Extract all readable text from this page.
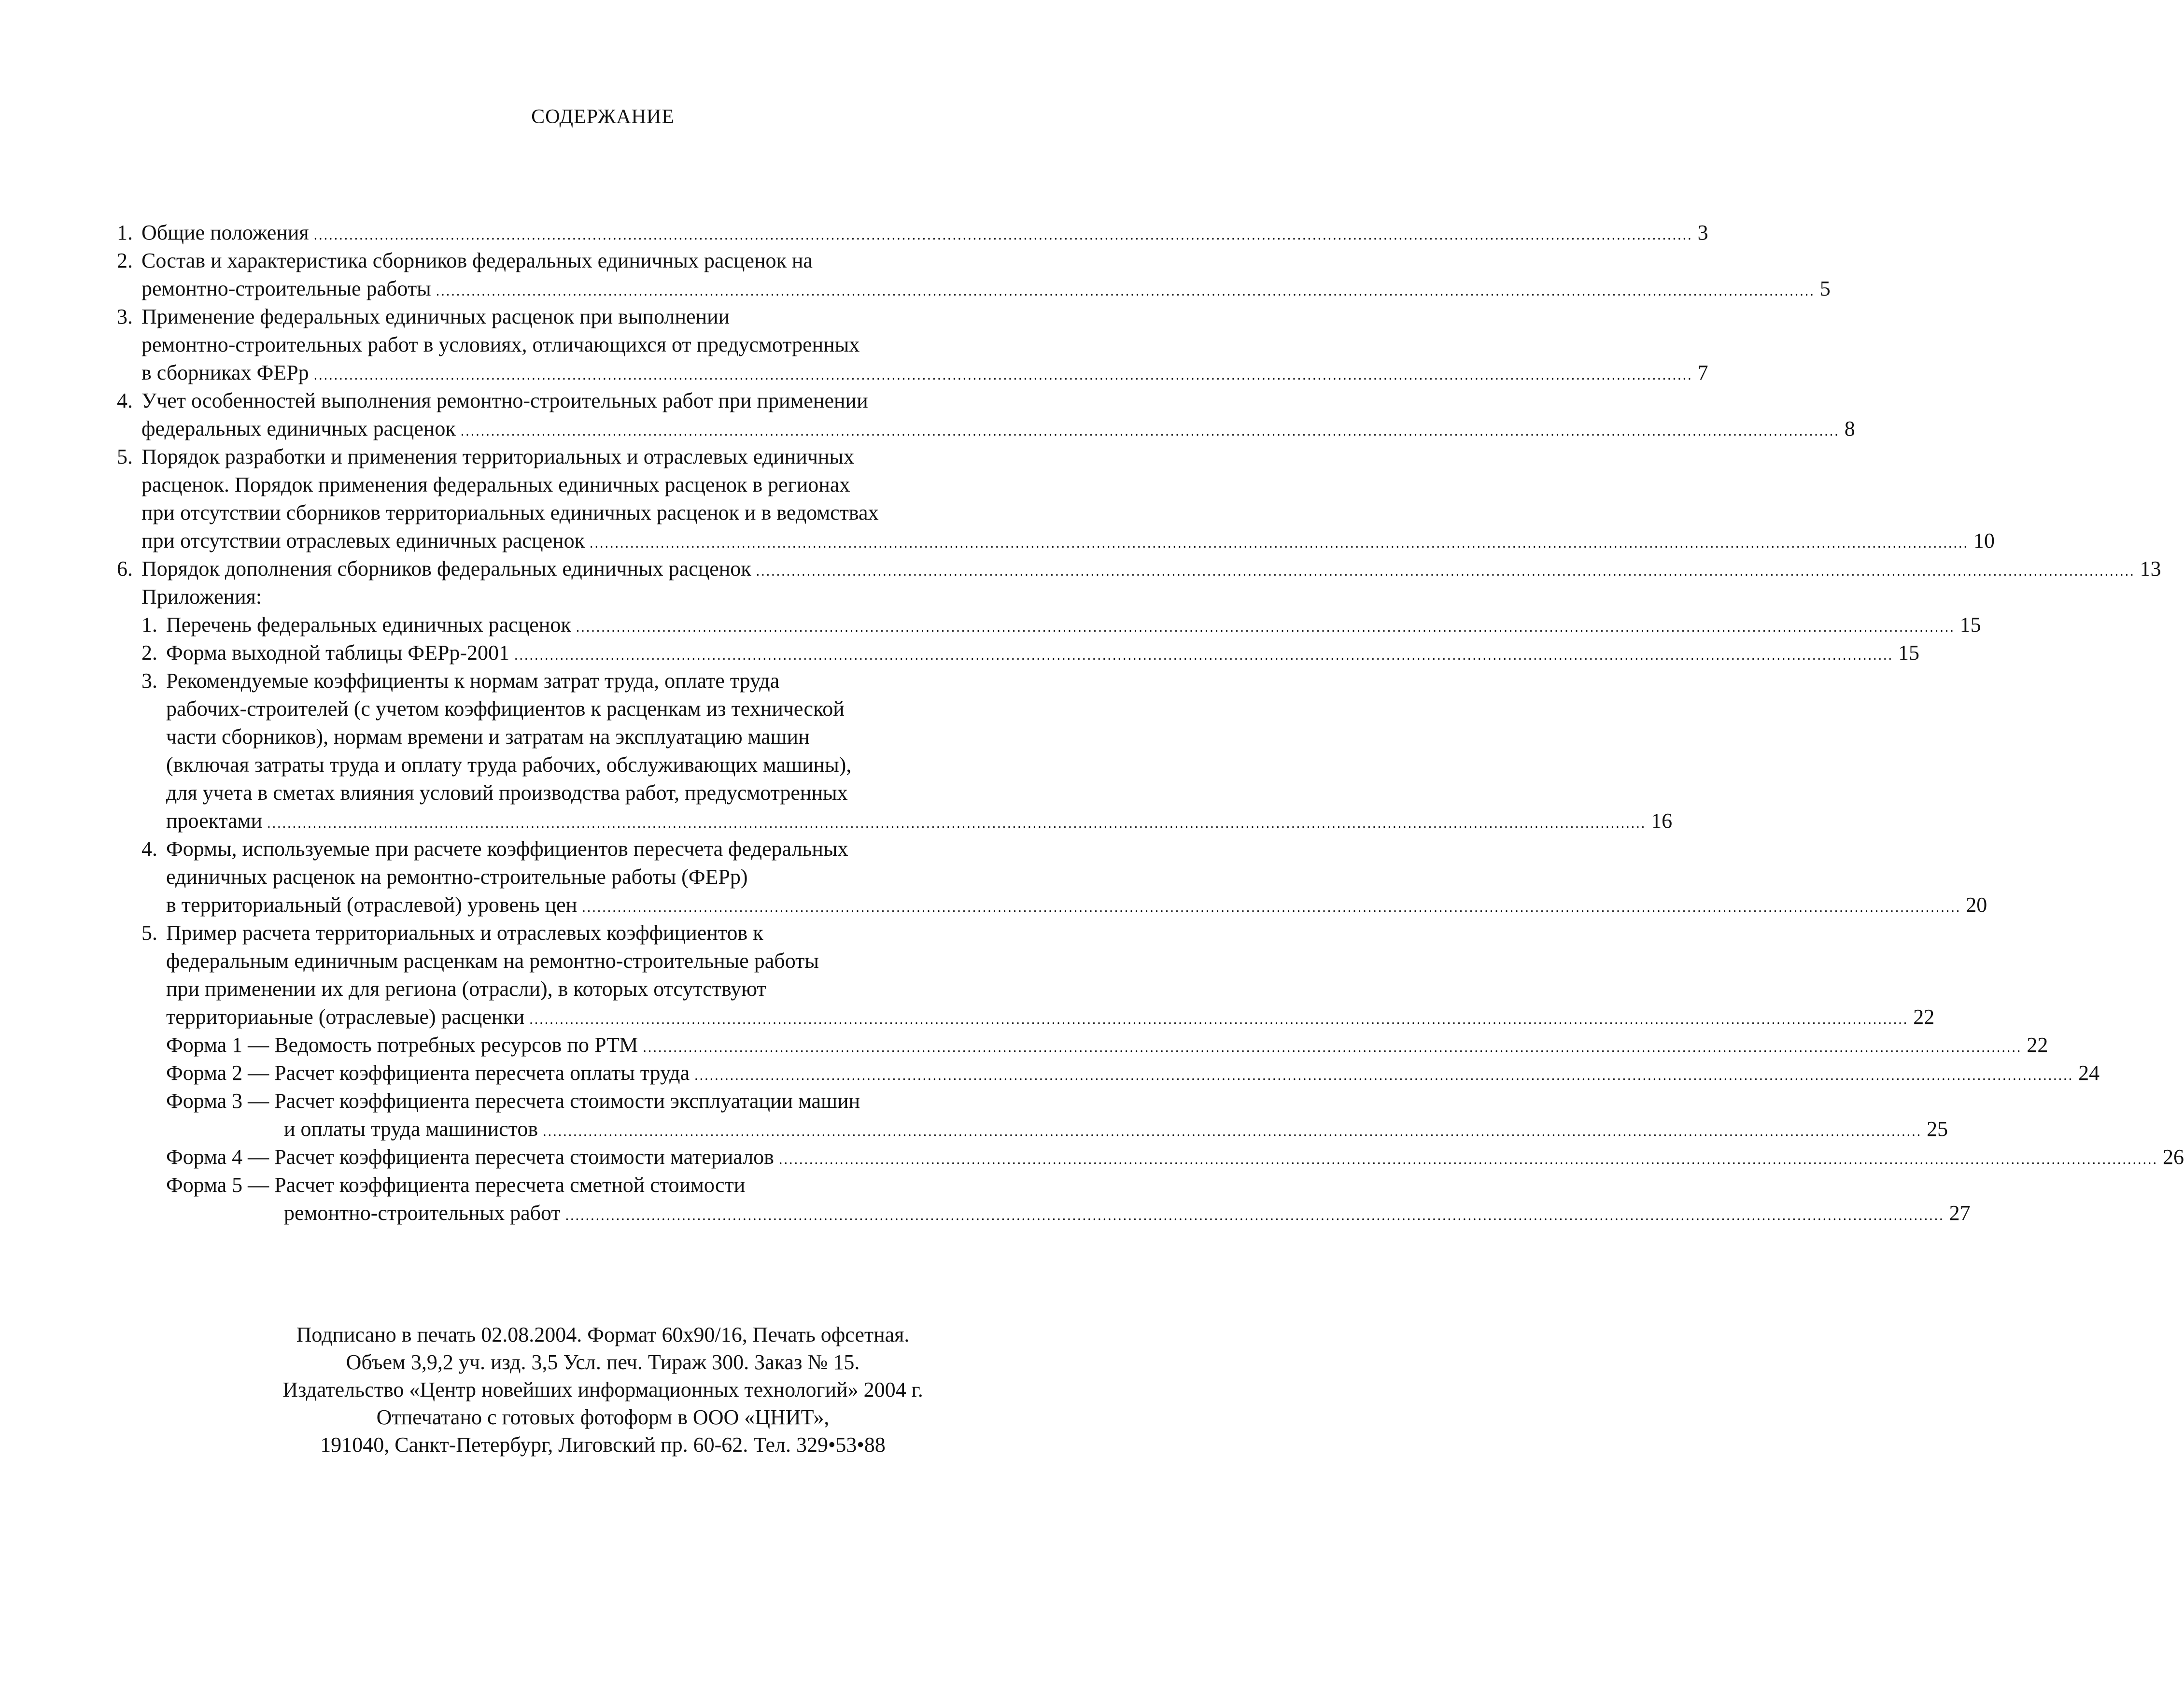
СОДЕРЖАНИЕ
1. Общие положения ................................................................................................................................................................................................................................................................................ 3
2. Состав и характеристика сборников федеральных единичных расценок на
ремонтно-строительные работы ................................................................................................................................................................................................................................................................................ 5
3. Применение федеральных единичных расценок при выполнении
ремонтно-строительных работ в условиях, отличающихся от предусмотренных
в сборниках ФЕРр ................................................................................................................................................................................................................................................................................ 7
4. Учет особенностей выполнения ремонтно-строительных работ при применении
федеральных единичных расценок ................................................................................................................................................................................................................................................................................ 8
5. Порядок разработки и применения территориальных и отраслевых единичных
расценок. Порядок применения федеральных единичных расценок в регионах
при отсутствии сборников территориальных единичных расценок и в ведомствах
при отсутствии отраслевых единичных расценок ................................................................................................................................................................................................................................................................................ 10
6. Порядок дополнения сборников федеральных единичных расценок ................................................................................................................................................................................................................................................................................ 13
Приложения:
1. Перечень федеральных единичных расценок ................................................................................................................................................................................................................................................................................ 15
2. Форма выходной таблицы ФЕРр-2001 ................................................................................................................................................................................................................................................................................ 15
3. Рекомендуемые коэффициенты к нормам затрат труда, оплате труда
рабочих-строителей (с учетом коэффициентов к расценкам из технической
части сборников), нормам времени и затратам на эксплуатацию машин
(включая затраты труда и оплату труда рабочих, обслуживающих машины),
для учета в сметах влияния условий производства работ, предусмотренных
проектами ................................................................................................................................................................................................................................................................................ 16
4. Формы, используемые при расчете коэффициентов пересчета федеральных
единичных расценок на ремонтно-строительные работы (ФЕРр)
в территориальный (отраслевой) уровень цен ................................................................................................................................................................................................................................................................................ 20
5. Пример расчета территориальных и отраслевых коэффициентов к
федеральным единичным расценкам на ремонтно-строительные работы
при применении их для региона (отрасли), в которых отсутствуют
территориаьные (отраслевые) расценки ................................................................................................................................................................................................................................................................................ 22
Форма 1 — Ведомость потребных ресурсов по РТМ ................................................................................................................................................................................................................................................................................ 22
Форма 2 — Расчет коэффициента пересчета оплаты труда ................................................................................................................................................................................................................................................................................ 24
Форма 3 — Расчет коэффициента пересчета стоимости эксплуатации машин
и оплаты труда машинистов ................................................................................................................................................................................................................................................................................ 25
Форма 4 — Расчет коэффициента пересчета стоимости материалов ................................................................................................................................................................................................................................................................................ 26
Форма 5 — Расчет коэффициента пересчета сметной стоимости
ремонтно-строительных работ ................................................................................................................................................................................................................................................................................ 27
Подписано в печать 02.08.2004. Формат 60х90/16, Печать офсетная.
Объем 3,9,2 уч. изд. 3,5 Усл. печ. Тираж 300. Заказ № 15.
Издательство «Центр новейших информационных технологий» 2004 г.
Отпечатано с готовых фотоформ в ООО «ЦНИТ»,
191040, Санкт-Петербург, Лиговский пр. 60-62. Тел. 329•53•88
